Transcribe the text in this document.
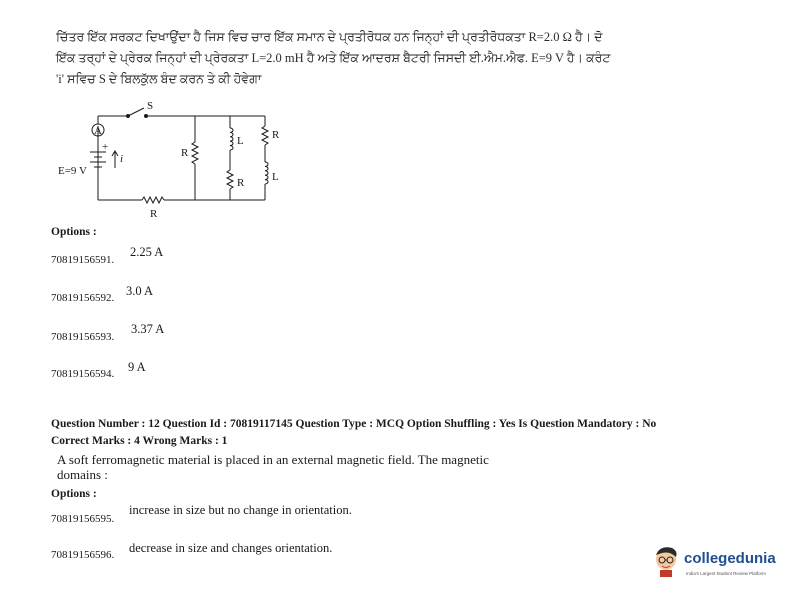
ਚਿੱਤਰ ਇੱਕ ਸਰਕਟ ਦਿਖਾਉਂਦਾ ਹੈ ਜਿਸ ਵਿਚ ਚਾਰ ਇੱਕ ਸਮਾਨ ਦੇ ਪ੍ਰਤੀਰੋਧਕ ਹਨ ਜਿਨ੍ਹਾਂ ਦੀ ਪ੍ਰਤੀਰੋਧਕਤਾ R=2.0 Ω ਹੈ। ਦੋ
ਇੱਕ ਤਰ੍ਹਾਂ ਦੇ ਪ੍ਰੇਰਕ ਜਿਨ੍ਹਾਂ ਦੀ ਪ੍ਰੇਰਕਤਾ L=2.0 mH ਹੈ ਅਤੇ ਇੱਕ ਆਦਰਸ਼ ਬੈਟਰੀ ਜਿਸਦੀ ਈ.ਐਮ.ਐਫ. E=9 V ਹੈ। ਕਰੰਟ
'i' ਸਵਿਚ S ਦੇ ਬਿਲਕੁੱਲ ਬੰਦ ਕਰਨ ਤੇ ਕੀ ਹੋਵੇਗਾ
A
S
+
E=9 V
i
R
R
L
R
R
L
Options :
70819156591.
2.25 A
70819156592. 3.0 A
70819156593.
3.37 A
70819156594. 9 A
Question Number : 12 Question Id : 70819117145 Question Type : MCQ Option Shuffling : Yes Is Question Mandatory : No
Correct Marks : 4 Wrong Marks : 1
A soft ferromagnetic material is placed in an external magnetic field. The magnetic
domains :
Options :
70819156595.
increase in size but no change in orientation.
70819156596. decrease in size and changes orientation.
collegedunia
India's Largest Student Review Platform
